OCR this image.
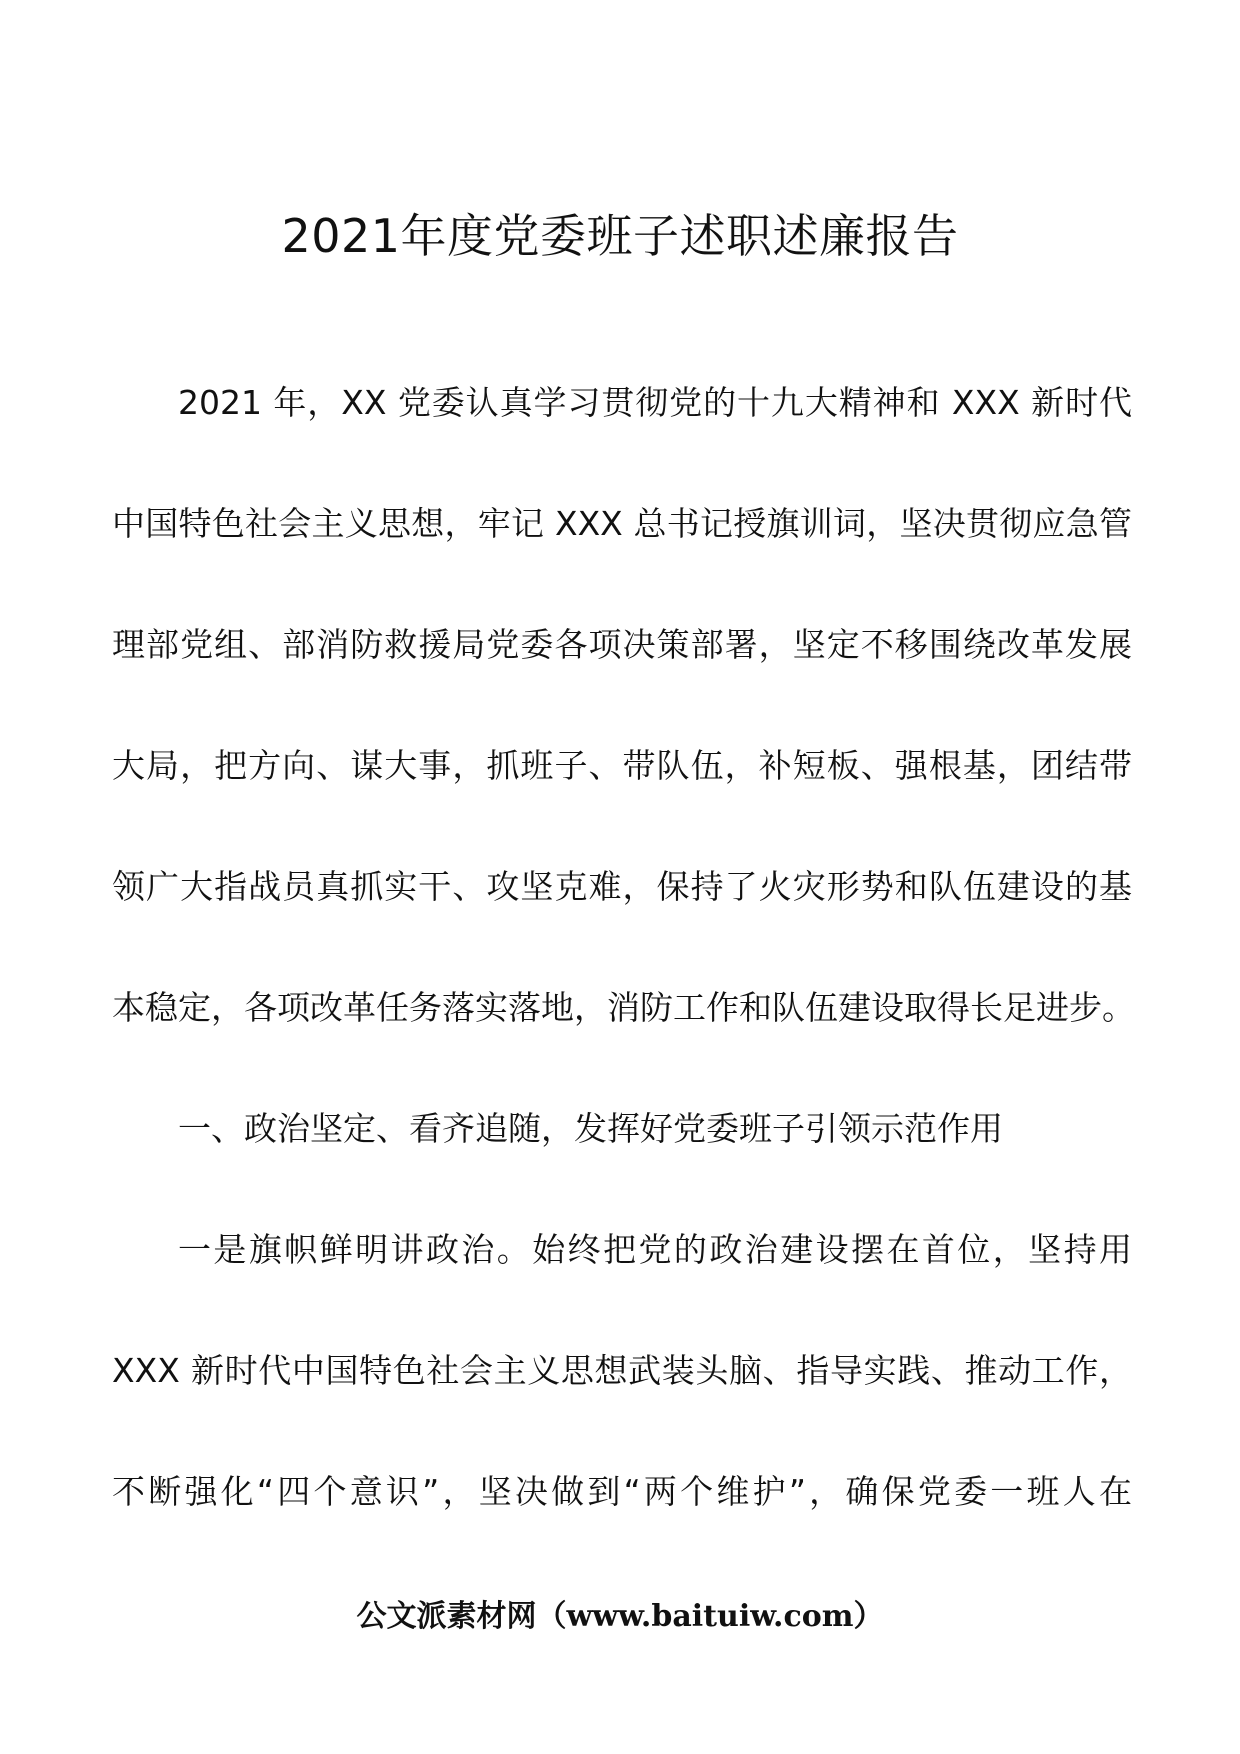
2021年度党委班子述职述廉报告
2021 年，XX 党委认真学习贯彻党的十九大精神和 XXX 新时代
中国特色社会主义思想，牢记 XXX 总书记授旗训词，坚决贯彻应急管
理部党组、部消防救援局党委各项决策部署，坚定不移围绕改革发展
大局，把方向、谋大事，抓班子、带队伍，补短板、强根基，团结带
领广大指战员真抓实干、攻坚克难，保持了火灾形势和队伍建设的基
本稳定，各项改革任务落实落地，消防工作和队伍建设取得长足进步。
一、政治坚定、看齐追随，发挥好党委班子引领示范作用
一是旗帜鲜明讲政治。始终把党的政治建设摆在首位，坚持用
XXX 新时代中国特色社会主义思想武装头脑、指导实践、推动工作，
不断强化“四个意识”，坚决做到“两个维护”，确保党委一班人在
公文派素材网（www.baituiw.com）
